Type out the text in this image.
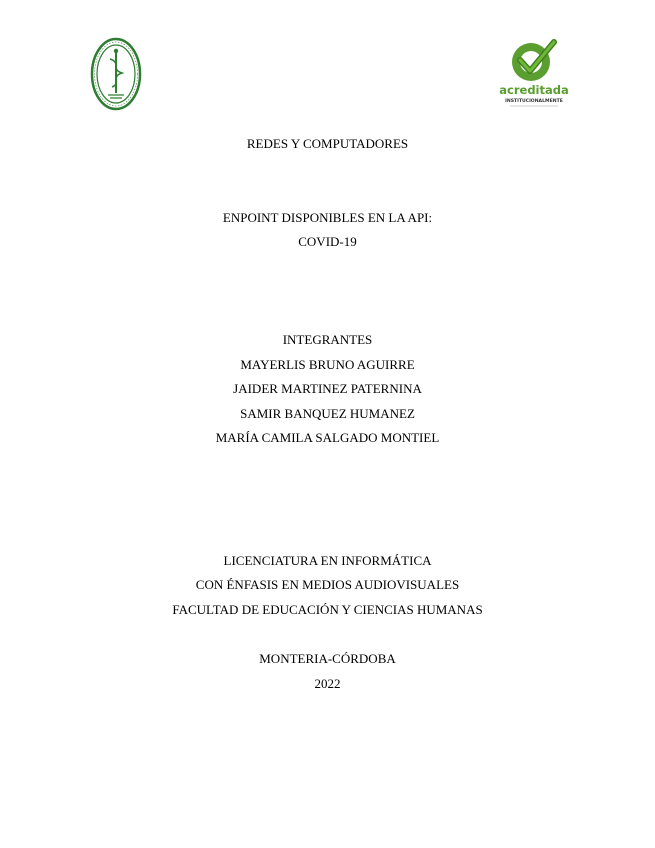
acreditada
INSTITUCIONALMENTE
REDES Y COMPUTADORES
ENPOINT DISPONIBLES EN LA API:
COVID-19
INTEGRANTES
MAYERLIS BRUNO AGUIRRE
JAIDER MARTINEZ PATERNINA
SAMIR BANQUEZ HUMANEZ
MARÍA CAMILA SALGADO MONTIEL
LICENCIATURA EN INFORMÁTICA
CON ÉNFASIS EN MEDIOS AUDIOVISUALES
FACULTAD DE EDUCACIÓN Y CIENCIAS HUMANAS
MONTERIA-CÓRDOBA
2022
